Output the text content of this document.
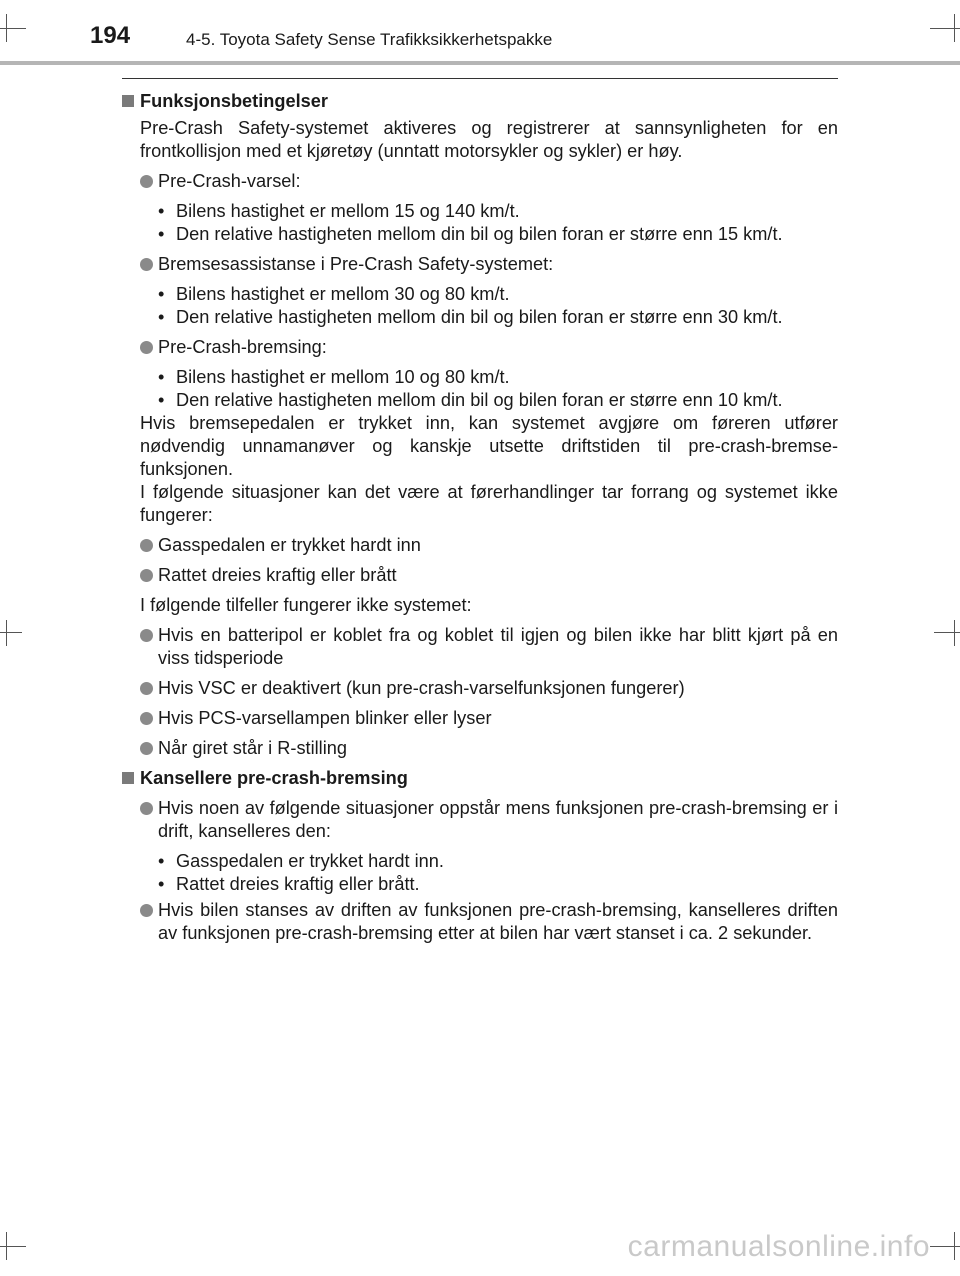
194	4-5. Toyota Safety Sense Trafikksikkerhetspakke
Funksjonsbetingelser
Pre-Crash Safety-systemet aktiveres og registrerer at sannsynligheten for en frontkollisjon med et kjøretøy (unntatt motorsykler og sykler) er høy.
Pre-Crash-varsel:
• Bilens hastighet er mellom 15 og 140 km/t.
• Den relative hastigheten mellom din bil og bilen foran er større enn 15 km/t.
Bremsesassistanse i Pre-Crash Safety-systemet:
• Bilens hastighet er mellom 30 og 80 km/t.
• Den relative hastigheten mellom din bil og bilen foran er større enn 30 km/t.
Pre-Crash-bremsing:
• Bilens hastighet er mellom 10 og 80 km/t.
• Den relative hastigheten mellom din bil og bilen foran er større enn 10 km/t.
Hvis bremsepedalen er trykket inn, kan systemet avgjøre om føreren utfører nødvendig unnamanøver og kanskje utsette driftstiden til pre-crash-bremse-funksjonen.
I følgende situasjoner kan det være at førerhandlinger tar forrang og systemet ikke fungerer:
Gasspedalen er trykket hardt inn
Rattet dreies kraftig eller brått
I følgende tilfeller fungerer ikke systemet:
Hvis en batteripol er koblet fra og koblet til igjen og bilen ikke har blitt kjørt på en viss tidsperiode
Hvis VSC er deaktivert (kun pre-crash-varselfunksjonen fungerer)
Hvis PCS-varsellampen blinker eller lyser
Når giret står i R-stilling
Kansellere pre-crash-bremsing
Hvis noen av følgende situasjoner oppstår mens funksjonen pre-crash-bremsing er i drift, kanselleres den:
• Gasspedalen er trykket hardt inn.
• Rattet dreies kraftig eller brått.
Hvis bilen stanses av driften av funksjonen pre-crash-bremsing, kanselleres driften av funksjonen pre-crash-bremsing etter at bilen har vært stanset i ca. 2 sekunder.
carmanualsonline.info
